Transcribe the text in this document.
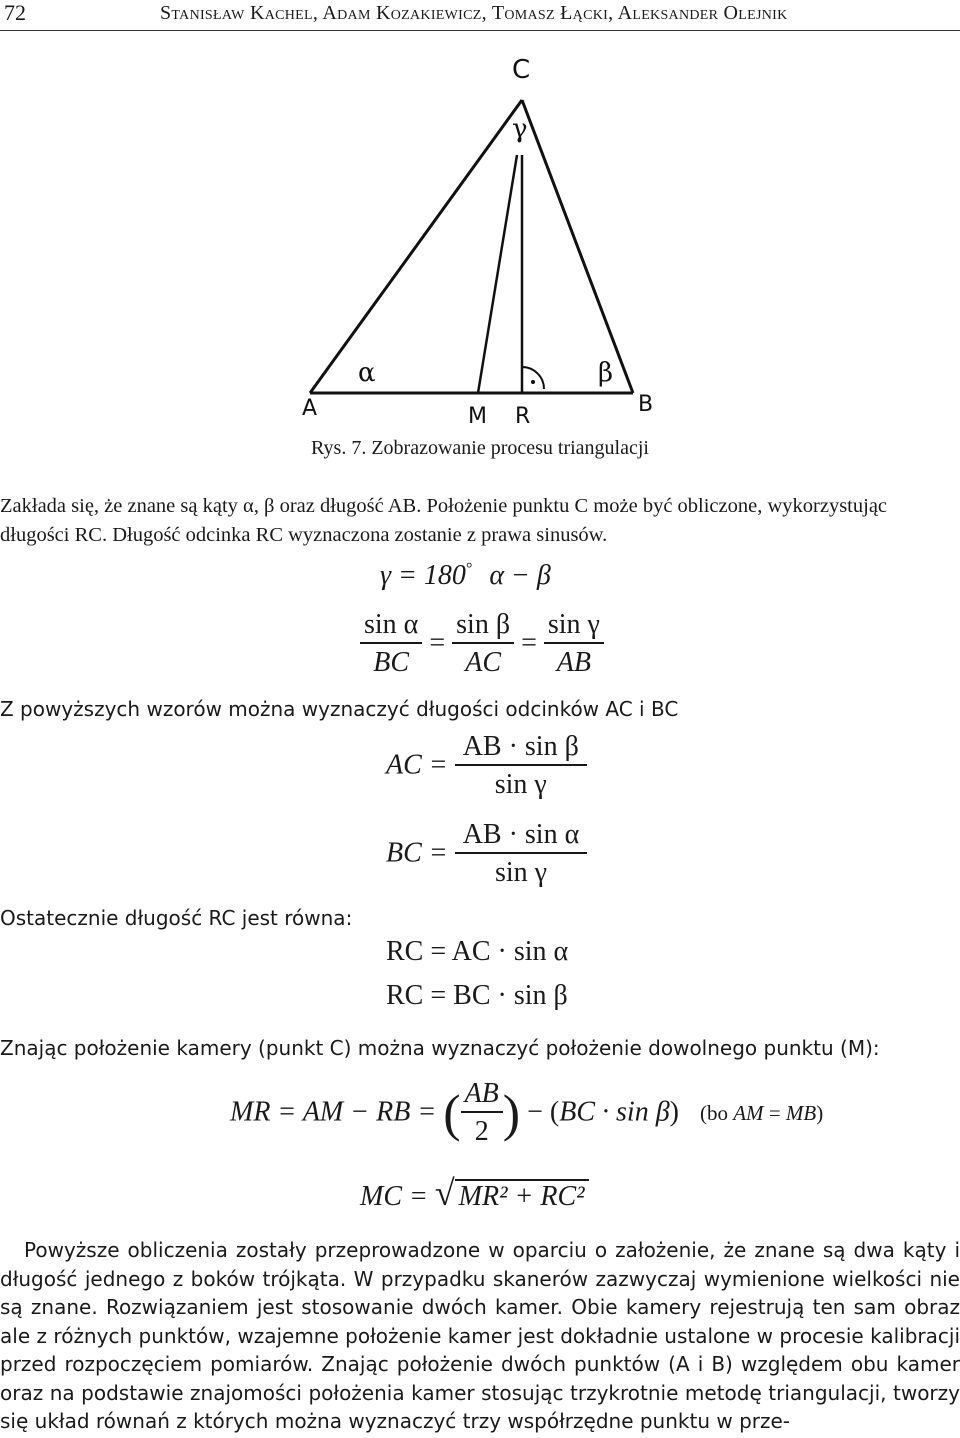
72	Stanisław Kachel, Adam Kozakiewicz, Tomasz Łącki, Aleksander Olejnik
C
γ
α	β
A	B
M R
Rys. 7. Zobrazowanie procesu triangulacji
Zakłada się, że znane są kąty α, β oraz długość AB. Położenie punktu C może być obliczone, wykorzystując długości RC. Długość odcinka RC wyznaczona zostanie z prawa sinusów.
γ = 180° α − β
$\frac{\text{sin α}}{BC} = \frac{\text{sin β}}{AC} = \frac{\text{sin γ}}{AB}$
Z powyższych wzorów można wyznaczyć długości odcinków AC i BC
AC = $\frac{\text{AB · sin β}}{\text{sin γ}}$
BC = $\frac{\text{AB · sin α}}{\text{sin γ}}$
Ostatecznie długość RC jest równa:
RC = AC · sin α
RC = BC · sin β
Znając położenie kamery (punkt C) można wyznaczyć położenie dowolnego punktu (M):
MR = AM − RB = ( $\frac{AB}{2}$ ) − (BC · sin β) (bo AM = MB)
MC = √ MR² + RC²
Powyższe obliczenia zostały przeprowadzone w oparciu o założenie, że znane są dwa kąty i długość jednego z boków trójkąta. W przypadku skanerów zazwyczaj wymienione wielkości nie są znane. Rozwiązaniem jest stosowanie dwóch kamer. Obie kamery rejestrują ten sam obraz ale z różnych punktów, wzajemne położenie kamer jest dokładnie ustalone w procesie kalibracji przed rozpoczęciem pomiarów. Znając położenie dwóch punktów (A i B) względem obu kamer oraz na podstawie znajomości położenia kamer stosując trzykrotnie metodę triangulacji, tworzy się układ równań z których można wyznaczyć trzy współrzędne punktu w prze-
